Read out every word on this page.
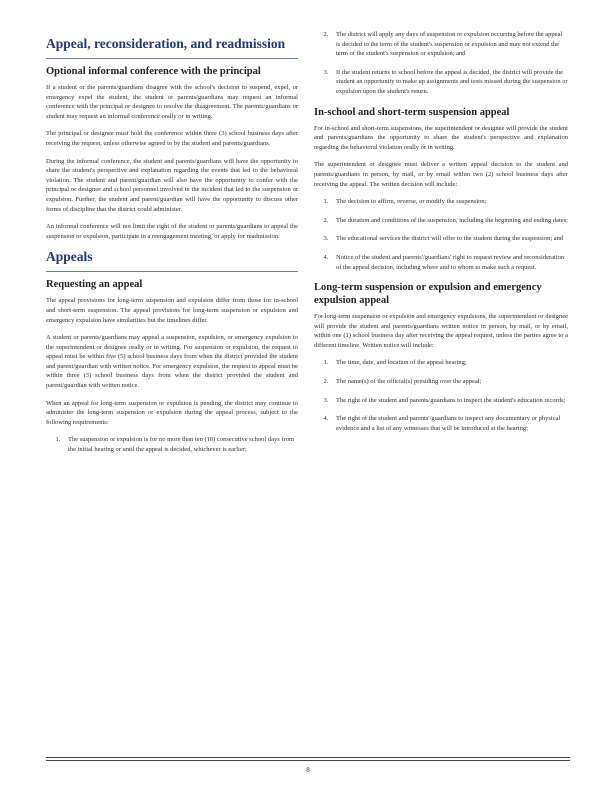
Appeal, reconsideration, and readmission
Optional informal conference with the principal

If a student or the parents/guardians disagree with the school's decision to suspend, expel, or emergency expel the student, the student or parents/guardians may request an informal conference with the principal or designee to resolve the disagreement. The parents/guardians or student may request an informal conference orally or in writing.

The principal or designee must hold the conference within three (3) school business days after receiving the request, unless otherwise agreed to by the student and parents/guardians.

During the informal conference, the student and parents/guardians will have the opportunity to share the student's perspective and explanation regarding the events that led to the behavioral violation. The student and parent/guardian will also have the opportunity to confer with the principal or designee and school personnel involved in the incident that led to the suspension or expulsion. Further, the student and parent/guardian will have the opportunity to discuss other forms of discipline that the district could administer.

An informal conference will not limit the right of the student or parents/guardians to appeal the suspension or expulsion, participate in a reengagement meeting, or apply for readmission.

Appeals
Requesting an appeal

The appeal provisions for long-term suspension and expulsion differ from those for in-school and short-term suspension. The appeal provisions for long-term suspension or expulsion and emergency expulsion have similarities but the timelines differ.

A student or parents/guardians may appeal a suspension, expulsion, or emergency expulsion to the superintendent or designee orally or in writing. For suspension or expulsion, the request to appeal must be within five (5) school business days from when the district provided the student and parent/guardian with written notice. For emergency expulsion, the request to appeal must be within three (3) school business days from when the district provided the student and parent/guardian with written notice.

When an appeal for long-term suspension or expulsion is pending, the district may continue to administer the long-term suspension or expulsion during the appeal process, subject to the following requirements:

1. The suspension or expulsion is for no more than ten (10) consecutive school days from the initial hearing or until the appeal is decided, whichever is earlier;
2. The district will apply any days of suspension or expulsion occurring before the appeal is decided to the term of the student's suspension or expulsion and may not extend the term of the student's suspension or expulsion; and
3. If the student returns to school before the appeal is decided, the district will provide the student an opportunity to make up assignments and tests missed during the suspension or expulsion upon the student's return.
In-school and short-term suspension appeal

For in-school and short-term suspensions, the superintendent or designee will provide the student and parents/guardians the opportunity to share the student's perspective and explanation regarding the behavioral violation orally or in writing.

The superintendent or designee must deliver a written appeal decision to the student and parents/guardians in person, by mail, or by email within two (2) school business days after receiving the appeal. The written decision will include:

1. The decision to affirm, reverse, or modify the suspension;
2. The duration and conditions of the suspension, including the beginning and ending dates;
3. The educational services the district will offer to the student during the suspension; and
4. Notice of the student and parents'/guardians' right to request review and reconsideration of the appeal decision, including where and to whom to make such a request.
Long-term suspension or expulsion and emergency expulsion appeal

For long-term suspension or expulsion and emergency expulsions, the superintendent or designee will provide the student and parents/guardians written notice in person, by mail, or by email, within one (1) school business day after receiving the appeal request, unless the parties agree to a different timeline. Written notice will include:

1. The time, date, and location of the appeal hearing;
2. The name(s) of the official(s) presiding over the appeal;
3. The right of the student and parents/guardians to inspect the student's education records;
4. The right of the student and parents'/guardians to inspect any documentary or physical evidence and a list of any witnesses that will be introduced at the hearing;
8
